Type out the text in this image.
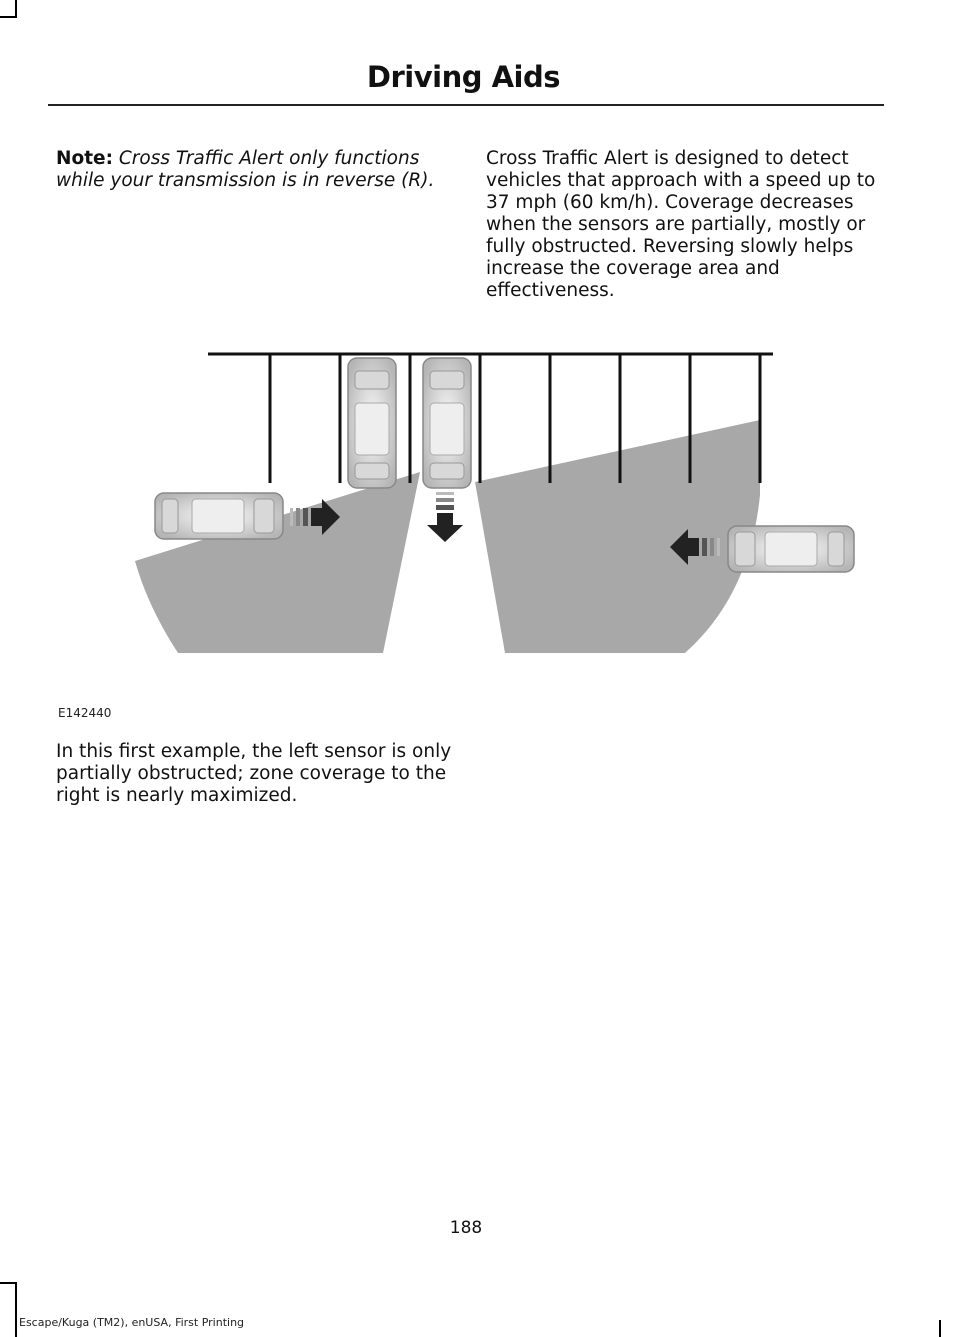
Driving Aids

Note: Cross Traffic Alert only functions while your transmission is in reverse (R).

Cross Traffic Alert is designed to detect vehicles that approach with a speed up to 37 mph (60 km/h). Coverage decreases when the sensors are partially, mostly or fully obstructed. Reversing slowly helps increase the coverage area and effectiveness.

E142440

In this first example, the left sensor is only partially obstructed; zone coverage to the right is nearly maximized.

188
Escape/Kuga (TM2), enUSA, First Printing
